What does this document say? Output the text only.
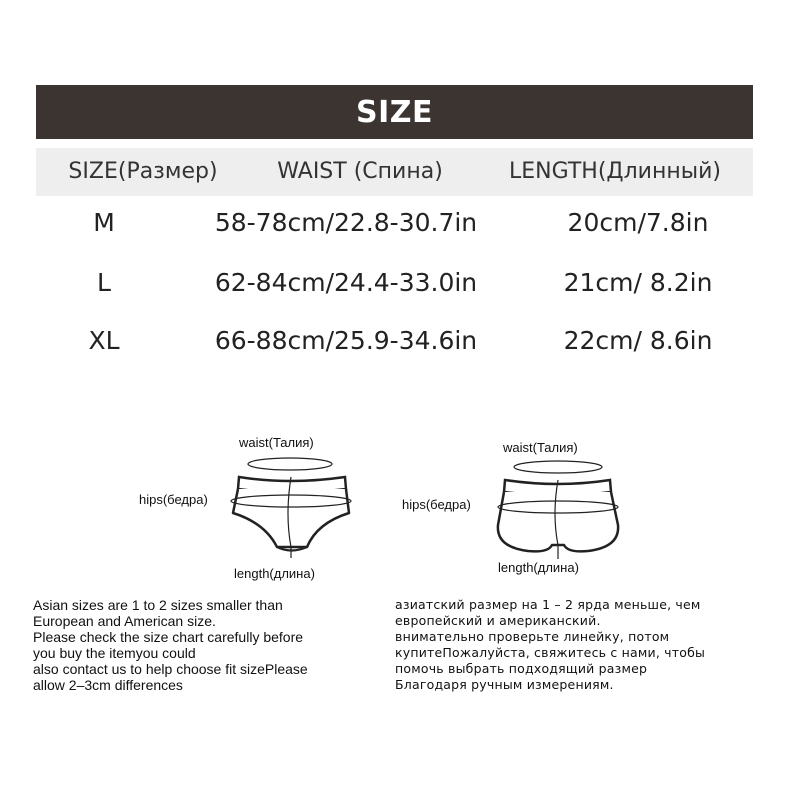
SIZE
SIZE(Размер)	WAIST (Спина)	LENGTH(Длинный)
M	58-78cm/22.8-30.7in	20cm/7.8in
L	62-84cm/24.4-33.0in	21cm/ 8.2in
XL	66-88cm/25.9-34.6in	22cm/ 8.6in
waist(Талия)
hips(бедра)
length(длина)
waist(Талия)
hips(бедра)
length(длина)
Asian sizes are 1 to 2 sizes smaller than
European and American size.
Please check the size chart carefully before
you buy the itemyou could
also contact us to help choose fit sizePlease
allow 2–3cm differences
азиатский размер на 1 – 2 ярда меньше, чем
европейский и американский.
внимательно проверьте линейку, потом
купитеПожалуйста, свяжитесь с нами, чтобы
помочь выбрать подходящий размер
Благодаря ручным измерениям.
